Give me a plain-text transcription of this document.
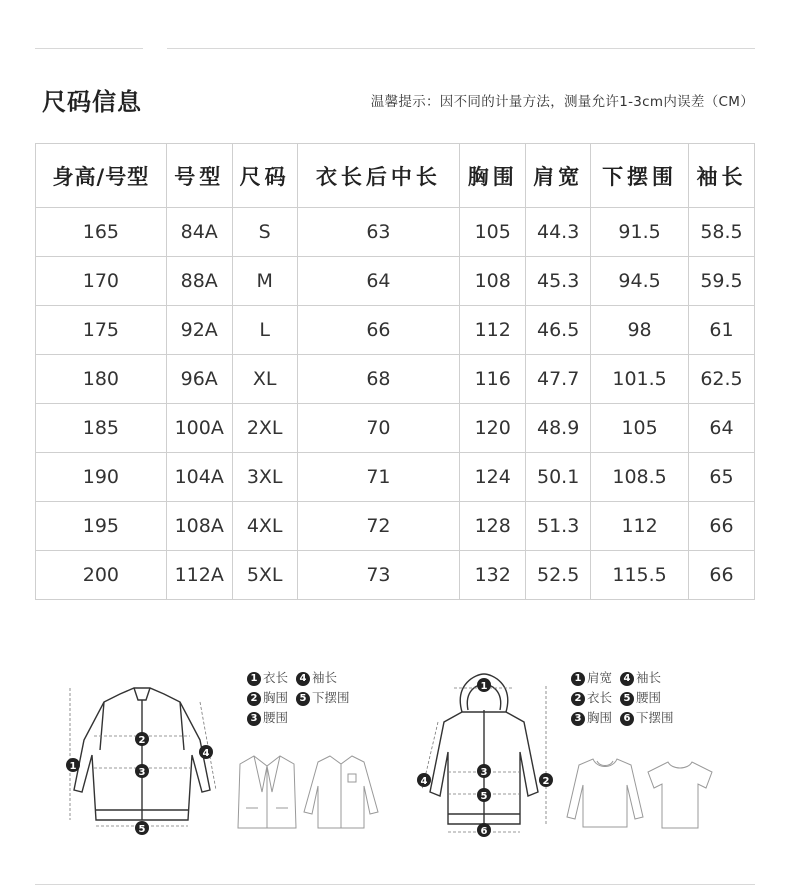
尺码信息	温馨提示：因不同的计量方法，测量允许1-3cm内误差（CM）
身高/号型	号型	尺码	衣长后中长	胸围	肩宽	下摆围	袖长
165	84A	S	63	105	44.3	91.5	58.5
170	88A	M	64	108	45.3	94.5	59.5
175	92A	L	66	112	46.5	98	61
180	96A	XL	68	116	47.7	101.5	62.5
185	100A	2XL	70	120	48.9	105	64
190	104A	3XL	71	124	50.1	108.5	65
195	108A	4XL	72	128	51.3	112	66
200	112A	5XL	73	132	52.5	115.5	66
1
2
3
4
5
1 衣长 4 袖长
2 胸围 5 下摆围
3 腰围
1
2
3
4
5
6
1 肩宽 4 袖长
2 衣长 5 腰围
3 胸围 6 下摆围
